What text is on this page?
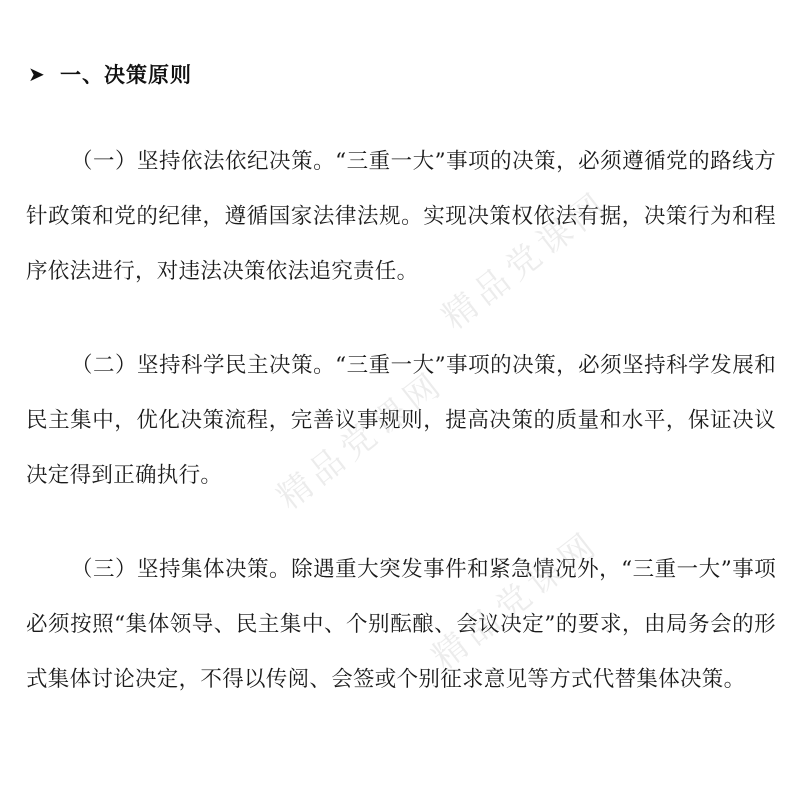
➤ 一、决策原则

（一）坚持依法依纪决策。“三重一大”事项的决策，必须遵循党的路线方针政策和党的纪律，遵循国家法律法规。实现决策权依法有据，决策行为和程序依法进行，对违法决策依法追究责任。

（二）坚持科学民主决策。“三重一大”事项的决策，必须坚持科学发展和民主集中，优化决策流程，完善议事规则，提高决策的质量和水平，保证决议决定得到正确执行。

（三）坚持集体决策。除遇重大突发事件和紧急情况外，“三重一大”事项必须按照“集体领导、民主集中、个别酝酿、会议决定”的要求，由局务会的形式集体讨论决定，不得以传阅、会签或个别征求意见等方式代替集体决策。

精品党课网
精品党课网
精品党课网
